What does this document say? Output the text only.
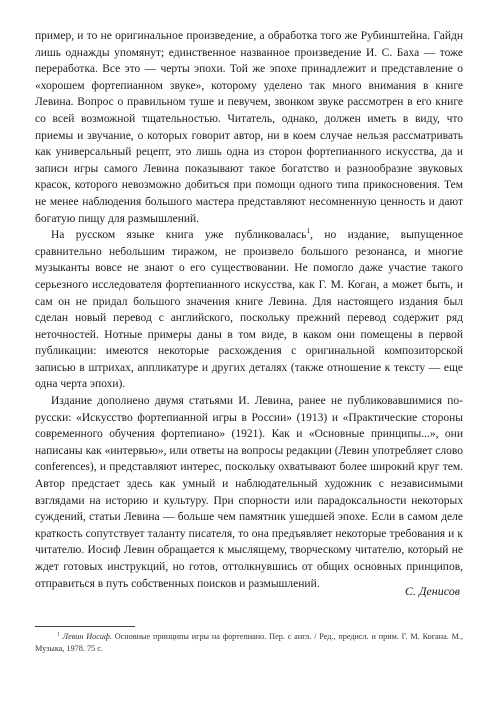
пример, и то не оригинальное произведение, а обработка того же Рубинштейна. Гайдн лишь однажды упомянут; единственное названное произведение И. С. Баха — тоже переработка. Все это — черты эпохи. Той же эпохе принадлежит и представление о «хорошем фортепианном звуке», которому уделено так много внимания в книге Левина. Вопрос о правильном туше и певучем, звонком звуке рассмотрен в его книге со всей возможной тщательностью. Читатель, однако, должен иметь в виду, что приемы и звучание, о которых говорит автор, ни в коем случае нельзя рассматривать как универсальный рецепт, это лишь одна из сторон фортепианного искусства, да и записи игры самого Левина показывают такое богатство и разнообразие звуковых красок, которого невозможно добиться при помощи одного типа прикосновения. Тем не менее наблюдения большого мастера представляют несомненную ценность и дают богатую пищу для размышлений.

На русском языке книга уже публиковалась$^1$, но издание, выпущенное сравнительно небольшим тиражом, не произвело большого резонанса, и многие музыканты вовсе не знают о его существовании. Не помогло даже участие такого серьезного исследователя фортепианного искусства, как Г. М. Коган, а может быть, и сам он не придал большого значения книге Левина. Для настоящего издания был сделан новый перевод с английского, поскольку прежний перевод содержит ряд неточностей. Нотные примеры даны в том виде, в каком они помещены в первой публикации: имеются некоторые расхождения с оригинальной композиторской записью в штрихах, аппликатуре и других деталях (также отношение к тексту — еще одна черта эпохи).

Издание дополнено двумя статьями И. Левина, ранее не публиковавшимися по-русски: «Искусство фортепианной игры в России» (1913) и «Практические стороны современного обучения фортепиано» (1921). Как и «Основные принципы...», они написаны как «интервью», или ответы на вопросы редакции (Левин употребляет слово conferences), и представляют интерес, поскольку охватывают более широкий круг тем. Автор предстает здесь как умный и наблюдательный художник с независимыми взглядами на историю и культуру. При спорности или парадоксальности некоторых суждений, статьи Левина — больше чем памятник ушедшей эпохе. Если в самом деле краткость сопутствует таланту писателя, то она предъявляет некоторые требования и к читателю. Иосиф Левин обращается к мыслящему, творческому читателю, который не ждет готовых инструкций, но готов, оттолкнувшись от общих основных принципов, отправиться в путь собственных поисков и размышлений.

С. Денисов
$^1$ Левин Иосиф. Основные принципы игры на фортепиано. Пер. с англ. / Ред., предисл. и прим. Г. М. Когана. М., Музыка, 1978. 75 с.
